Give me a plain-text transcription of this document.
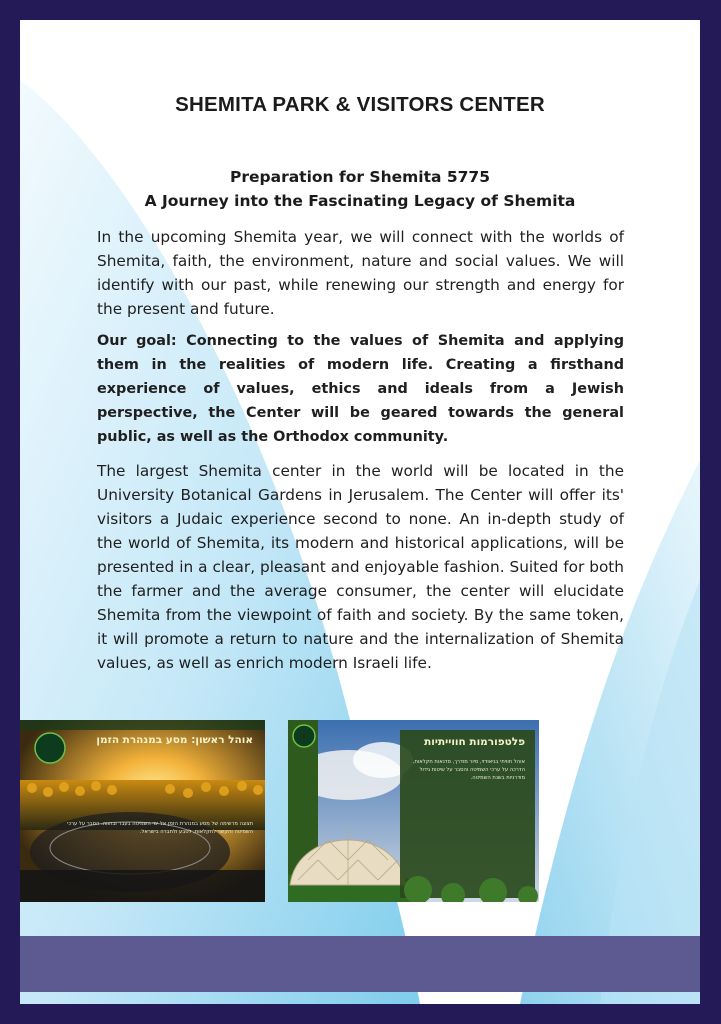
SHEMITA PARK & VISITORS CENTER
Preparation for Shemita 5775
A Journey into the Fascinating Legacy of Shemita

In the upcoming Shemita year, we will connect with the worlds of Shemita, faith, the environment, nature and social values. We will identify with our past, while renewing our strength and energy for the present and future.

Our goal: Connecting to the values of Shemita and applying them in the realities of modern life. Creating a firsthand experience of values, ethics and ideals from a Jewish perspective, the Center will be geared towards the general public, as well as the Orthodox community.

The largest Shemita center in the world will be located in the University Botanical Gardens in Jerusalem. The Center will offer its' visitors a Judaic experience second to none. An in-depth study of the world of Shemita, its modern and historical applications, will be presented in a clear, pleasant and enjoyable fashion. Suited for both the farmer and the average consumer, the center will elucidate Shemita from the viewpoint of faith and society. By the same token, it will promote a return to nature and the internalization of Shemita values, as well as enrich modern Israeli life.

אוהל ראשון: מסע במנהרת הזמן
תצוגה מרשימה של מסע במנהרת הזמן אל ימי השמיטה בעבר ובהווה. הסבר על ערכי השמיטה והקשר לחקלאות, לטבע ולחברה בישראל.
פלטפורמות חווייתיות
אוהל חוויתי בגיאודזי, סיור מודרך, סדנאות חקלאות, הדרכה על ערכי השמיטה והסבר על שיטות גידול מודרניות בשנת השמיטה.
